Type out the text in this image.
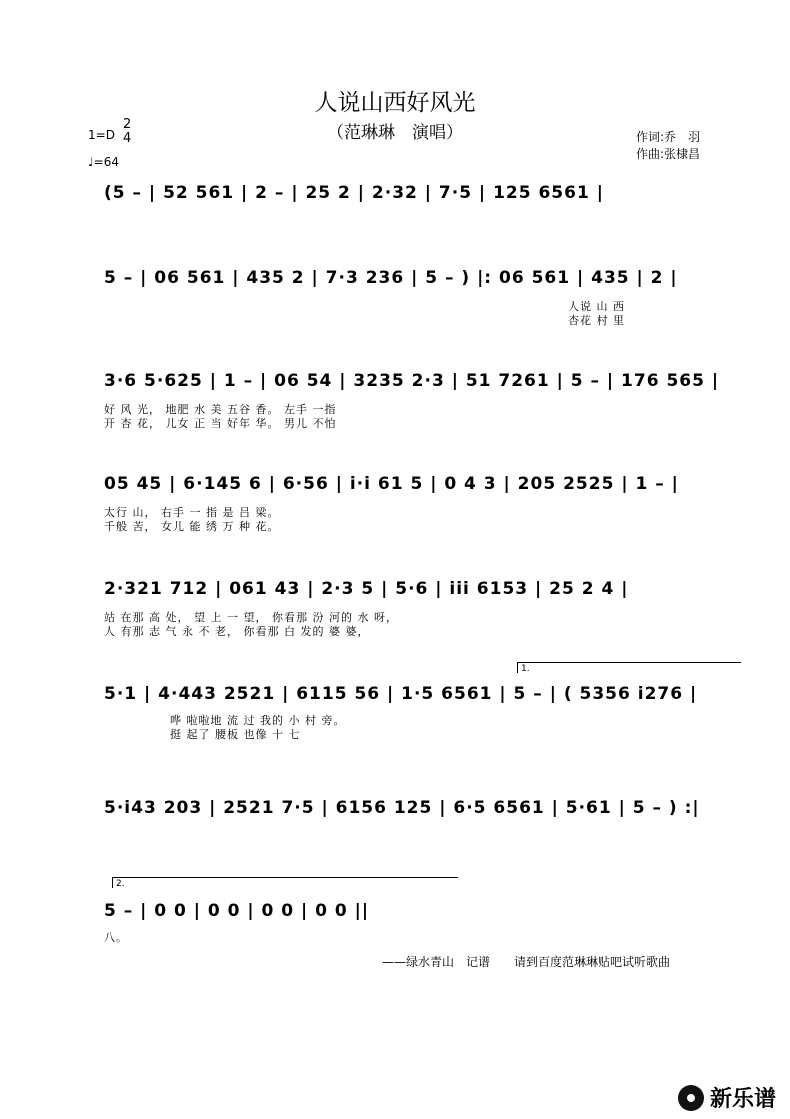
人说山西好风光
（范琳琳　演唱）
1=D
2
4
♩=64
作词:乔　羽
作曲:张棣昌
(5 – | 52 561 | 2 – | 25 2 | 2·32 | 7·5 | 125 6561 |
5 – | 06 561 | 435 2 | 7·3 236 | 5 – ) |: 06 561 | 435 | 2 |
人说 山 西
杏花 村 里
3·6 5·625 | 1 – | 06 54 | 3235 2·3 | 51 7261 | 5 – | 176 565 |
好 风 光， 地肥 水 美 五谷 香。 左手 一指
开 杏 花， 儿女 正 当 好年 华。 男儿 不怕
05 45 | 6·145 6 | 6·56 | i·i 61 5 | 0 4 3 | 205 2525 | 1 – |
太行 山， 右手 一 指 是 吕 梁。
千般 苦， 女儿 能 绣 万 种 花。
2·321 712 | 061 43 | 2·3 5 | 5·6 | iii 6153 | 25 2 4 |
站 在那 高 处， 望 上 一 望， 你看那 汾 河的 水 呀，
人 有那 志 气 永 不 老， 你看那 白 发的 婆 婆，
1.
5·1 | 4·443 2521 | 6115 56 | 1·5 6561 | 5 – | ( 5356 i276 |
哗 啦啦地 流 过 我的 小 村 旁。
挺 起了 腰板 也像 十 七
5·i43 203 | 2521 7·5 | 6156 125 | 6·5 6561 | 5·61 | 5 – ) :|
2.
5 – | 0 0 | 0 0 | 0 0 | 0 0 ||
八。
——绿水青山　记谱　　请到百度范琳琳贴吧试听歌曲
新乐谱
